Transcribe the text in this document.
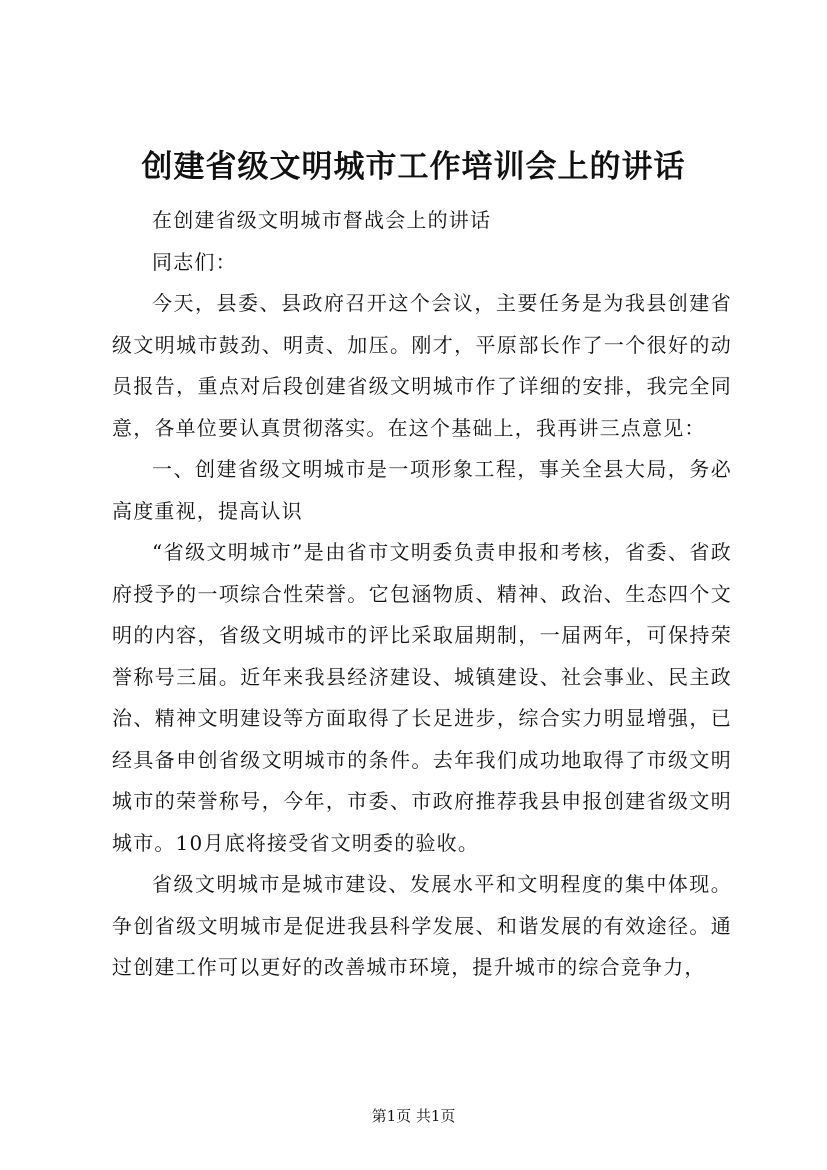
创建省级文明城市工作培训会上的讲话

在创建省级文明城市督战会上的讲话

同志们：

今天，县委、县政府召开这个会议，主要任务是为我县创建省级文明城市鼓劲、明责、加压。刚才，平原部长作了一个很好的动员报告，重点对后段创建省级文明城市作了详细的安排，我完全同意，各单位要认真贯彻落实。在这个基础上，我再讲三点意见：

一、创建省级文明城市是一项形象工程，事关全县大局，务必高度重视，提高认识

“省级文明城市”是由省市文明委负责申报和考核，省委、省政府授予的一项综合性荣誉。它包涵物质、精神、政治、生态四个文明的内容，省级文明城市的评比采取届期制，一届两年，可保持荣誉称号三届。近年来我县经济建设、城镇建设、社会事业、民主政治、精神文明建设等方面取得了长足进步，综合实力明显增强，已经具备申创省级文明城市的条件。去年我们成功地取得了市级文明城市的荣誉称号，今年，市委、市政府推荐我县申报创建省级文明城市。10月底将接受省文明委的验收。

省级文明城市是城市建设、发展水平和文明程度的集中体现。争创省级文明城市是促进我县科学发展、和谐发展的有效途径。通过创建工作可以更好的改善城市环境，提升城市的综合竞争力，

第1页 共1页
